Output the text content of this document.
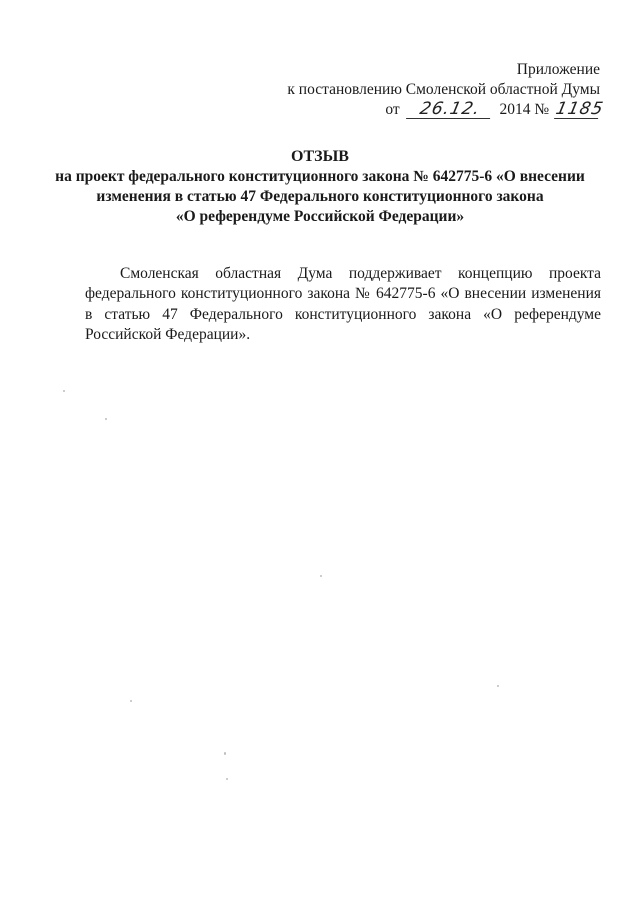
Приложение
к постановлению Смоленской областной Думы
от 26.12. 2014 № 1185
ОТЗЫВ
на проект федерального конституционного закона № 642775-6 «О внесении
изменения в статью 47 Федерального конституционного закона
«О референдуме Российской Федерации»

Смоленская областная Дума поддерживает концепцию проекта федерального конституционного закона № 642775-6 «О внесении изменения в статью 47 Федерального конституционного закона «О референдуме Российской Федерации».
